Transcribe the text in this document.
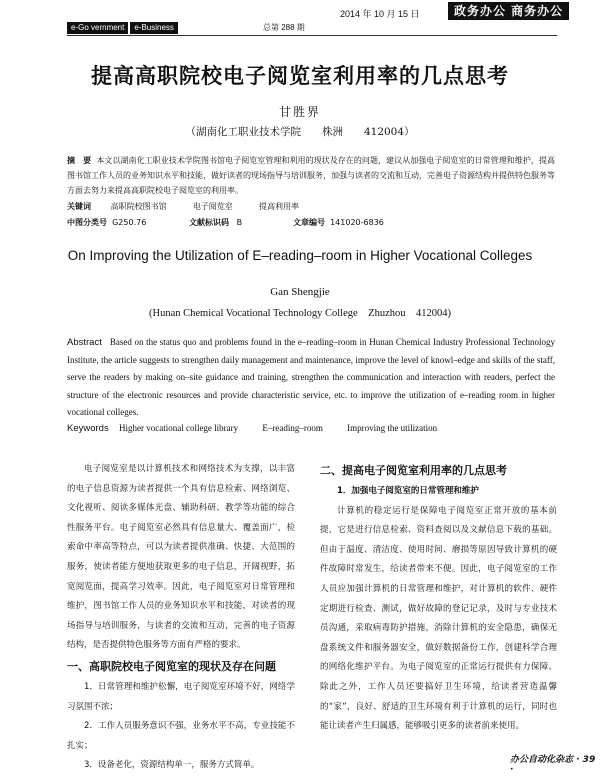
e-Go vernment	e-Business	总第 288 期
2014 年 10 月 15 日	政务办公 商务办公
提高高职院校电子阅览室利用率的几点思考
甘胜界
（湖南化工职业技术学院　　株洲　　412004）
摘　要 本文以湖南化工职业技术学院图书馆电子阅览室管理和利用的现状及存在的问题，建议从加强电子阅览室的日常管理和维护，提高图书馆工作人员的业务知识水平和技能，做好读者的现场指导与培训服务，加强与读者的交流和互动，完善电子资源结构并提供特色服务等方面去努力来提高高职院校电子阅览室的利用率。
关键词 高职院校图书馆	电子阅览室	提高利用率
中图分类号 G250.76	文献标识码 B	文章编号 141020-6836
On Improving the Utilization of E–reading–room in Higher Vocational Colleges
Gan Shengjie
(Hunan Chemical Vocational Technology College　Zhuzhou　412004)
Abstract Based on the status quo and problems found in the e–reading–room in Hunan Chemical Industry Professional Technology Institute, the article suggests to strengthen daily management and maintenance, improve the level of knowl–edge and skills of the staff, serve the readers by making on–site guidance and training, strengthen the communication and interaction with readers, perfect the structure of the electronic resources and provide characteristic service, etc. to improve the utilization of e–reading room in higher vocational colleges.
Keywords Higher vocational college library	E–reading–room	Improving the utilization

电子阅览室是以计算机技术和网络技术为支撑，以丰富的电子信息资源为读者提供一个具有信息检索、网络浏览、文化视听、阅读多媒体光盘、辅助科研、教学等功能的综合性服务平台。电子阅览室必然具有信息量大、覆盖面广，检索命中率高等特点，可以为读者提供准确、快捷、大范围的服务，使读者能方便地获取更多的电子信息，开阔视野，拓宽阅览面，提高学习效率。因此，电子阅览室对日常管理和维护，图书馆工作人员的业务知识水平和技能，对读者的现场指导与培训服务，与读者的交流和互动，完善的电子资源结构，是否提供特色服务等方面有严格的要求。

一、高职院校电子阅览室的现状及存在问题

1．日常管理和维护松懈，电子阅览室环境不好，网络学习氛围不浓；

2．工作人员服务意识不强，业务水平不高，专业技能不扎实；

3．设备老化，资源结构单一，服务方式简单。

二、提高电子阅览室利用率的几点思考

1．加强电子阅览室的日常管理和维护

计算机的稳定运行是保障电子阅览室正常开放的基本前提，它是进行信息检索、资料查阅以及文献信息下载的基础。但由于温度、清洁度、使用时间、磨损等原因导致计算机的硬件故障时常发生，给读者带来不便。因此，电子阅览室的工作人员应加强计算机的日常管理和维护，对计算机的软件、硬件定期进行检查、测试，做好故障的登记记录，及时与专业技术员沟通，采取病毒防护措施，消除计算机的安全隐患，确保无盘系统文件和服务器安全，做好数据备份工作，创建科学合理的网络化维护平台。为电子阅览室的正常运行提供有力保障。除此之外，工作人员还要搞好卫生环境，给读者营造温馨的“家”，良好、舒适的卫生环境有利于计算机的运行，同时也能让读者产生归属感，能够吸引更多的读者前来使用。

办公自动化杂志 · 39 ·
